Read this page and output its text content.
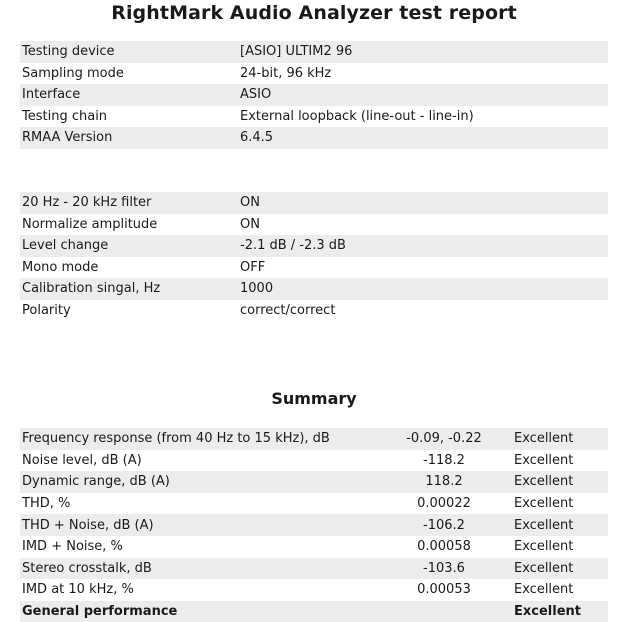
RightMark Audio Analyzer test report
Testing device	[ASIO] ULTIM2 96
Sampling mode	24-bit, 96 kHz
Interface	ASIO
Testing chain	External loopback (line-out - line-in)
RMAA Version	6.4.5
20 Hz - 20 kHz filter	ON
Normalize amplitude	ON
Level change	-2.1 dB / -2.3 dB
Mono mode	OFF
Calibration singal, Hz	1000
Polarity	correct/correct
Summary
Frequency response (from 40 Hz to 15 kHz), dB	-0.09, -0.22	Excellent
Noise level, dB (A)	-118.2	Excellent
Dynamic range, dB (A)	118.2	Excellent
THD, %	0.00022	Excellent
THD + Noise, dB (A)	-106.2	Excellent
IMD + Noise, %	0.00058	Excellent
Stereo crosstalk, dB	-103.6	Excellent
IMD at 10 kHz, %	0.00053	Excellent
General performance		Excellent
